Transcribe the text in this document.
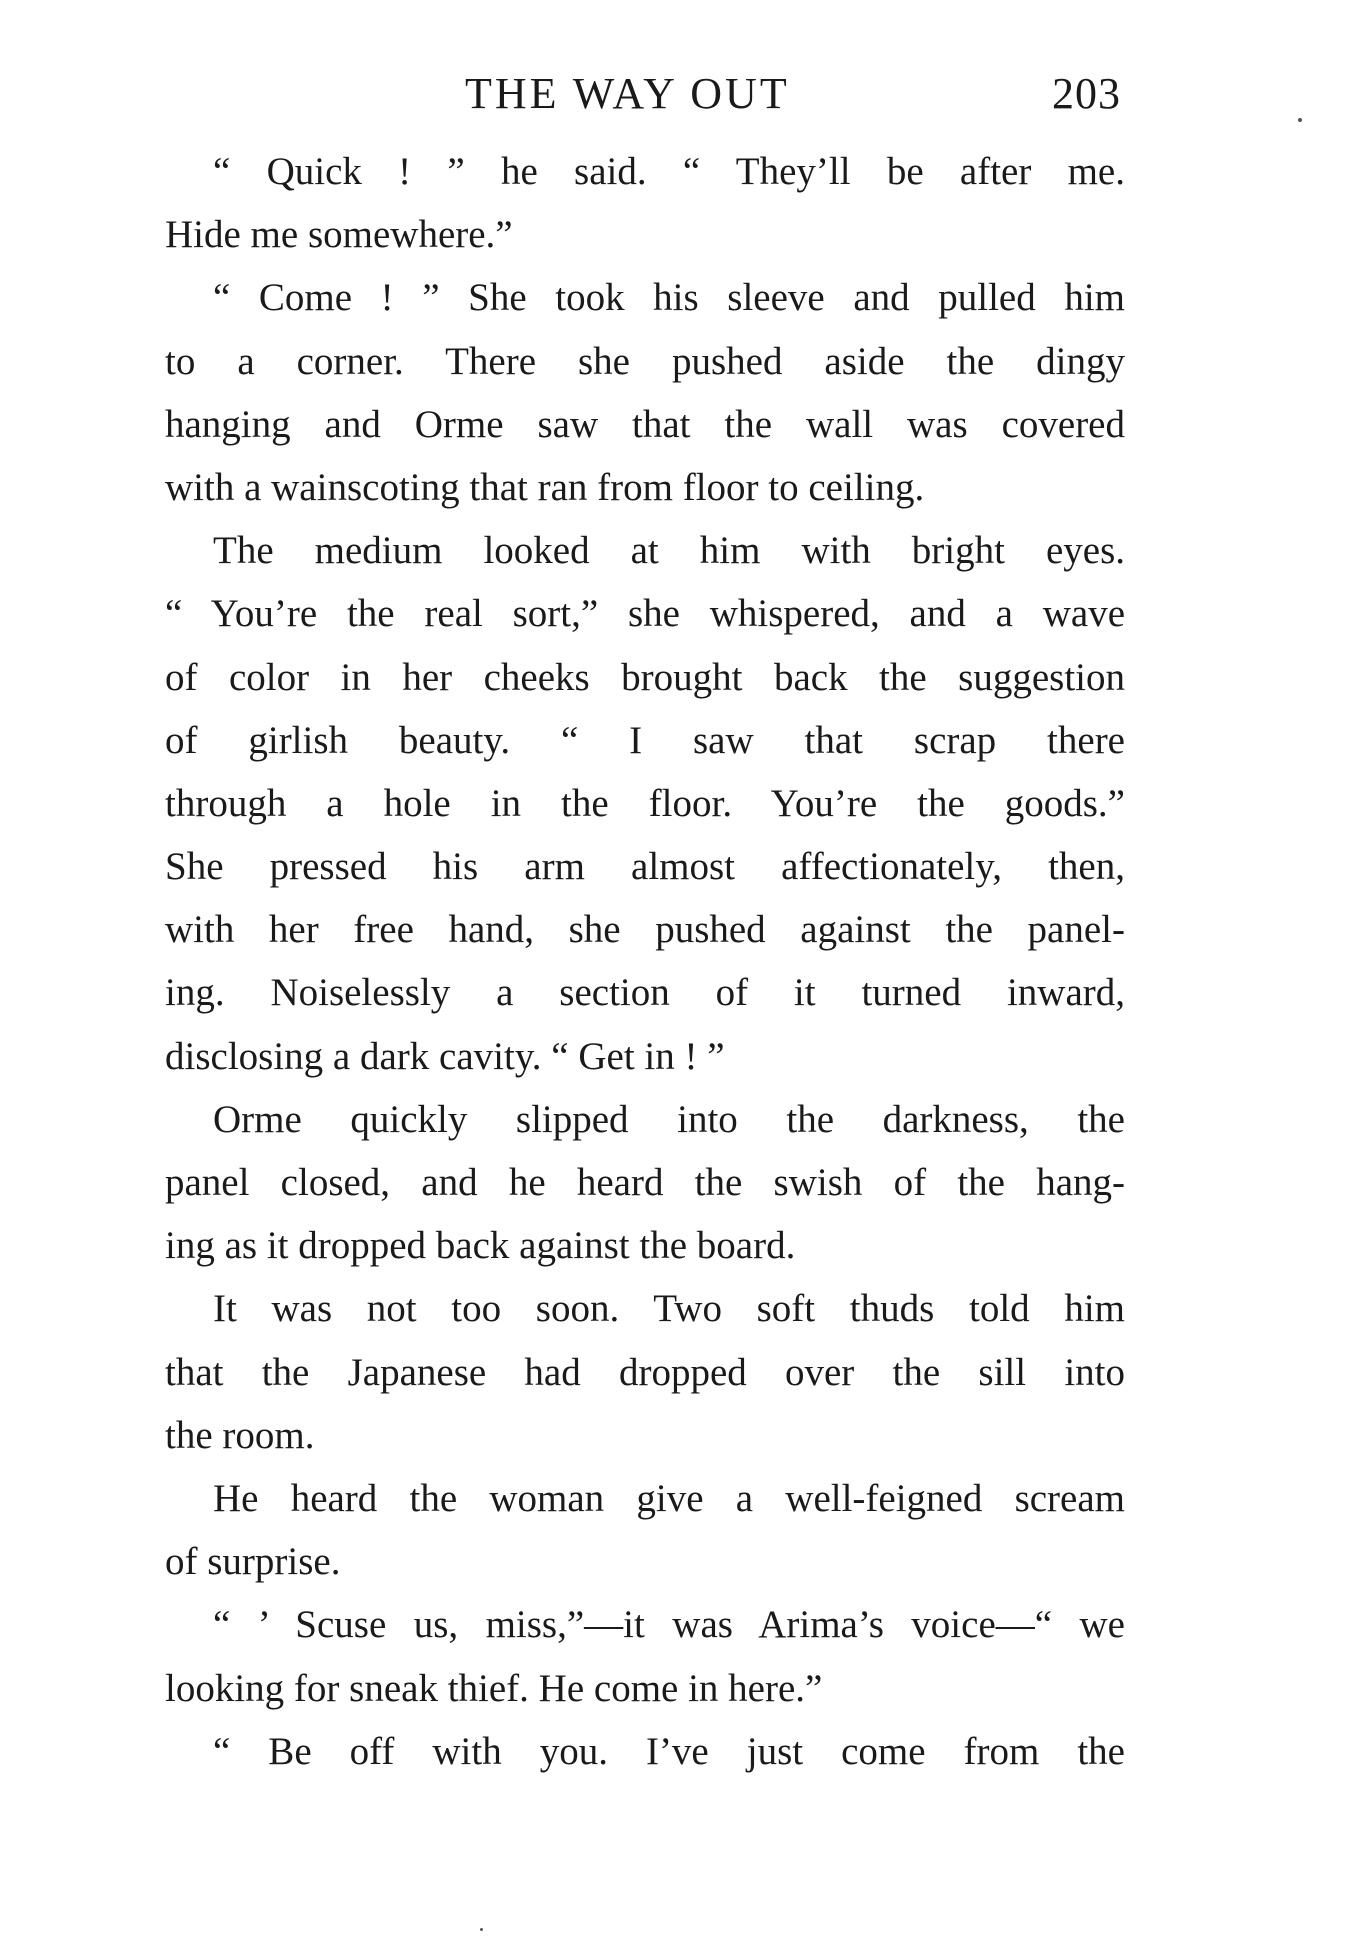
THE WAY OUT	203
“ Quick ! ” he said. “ They’ll be after me.
Hide me somewhere.”
“ Come ! ” She took his sleeve and pulled him
to a corner. There she pushed aside the dingy
hanging and Orme saw that the wall was covered
with a wainscoting that ran from floor to ceiling.
The medium looked at him with bright eyes.
“ You’re the real sort,” she whispered, and a wave
of color in her cheeks brought back the suggestion
of girlish beauty. “ I saw that scrap there
through a hole in the floor. You’re the goods.”
She pressed his arm almost affectionately, then,
with her free hand, she pushed against the panel-
ing. Noiselessly a section of it turned inward,
disclosing a dark cavity. “ Get in ! ”
Orme quickly slipped into the darkness, the
panel closed, and he heard the swish of the hang-
ing as it dropped back against the board.
It was not too soon. Two soft thuds told him
that the Japanese had dropped over the sill into
the room.
He heard the woman give a well-feigned scream
of surprise.
“ ’ Scuse us, miss,”—it was Arima’s voice—“ we
looking for sneak thief. He come in here.”
“ Be off with you. I’ve just come from the
